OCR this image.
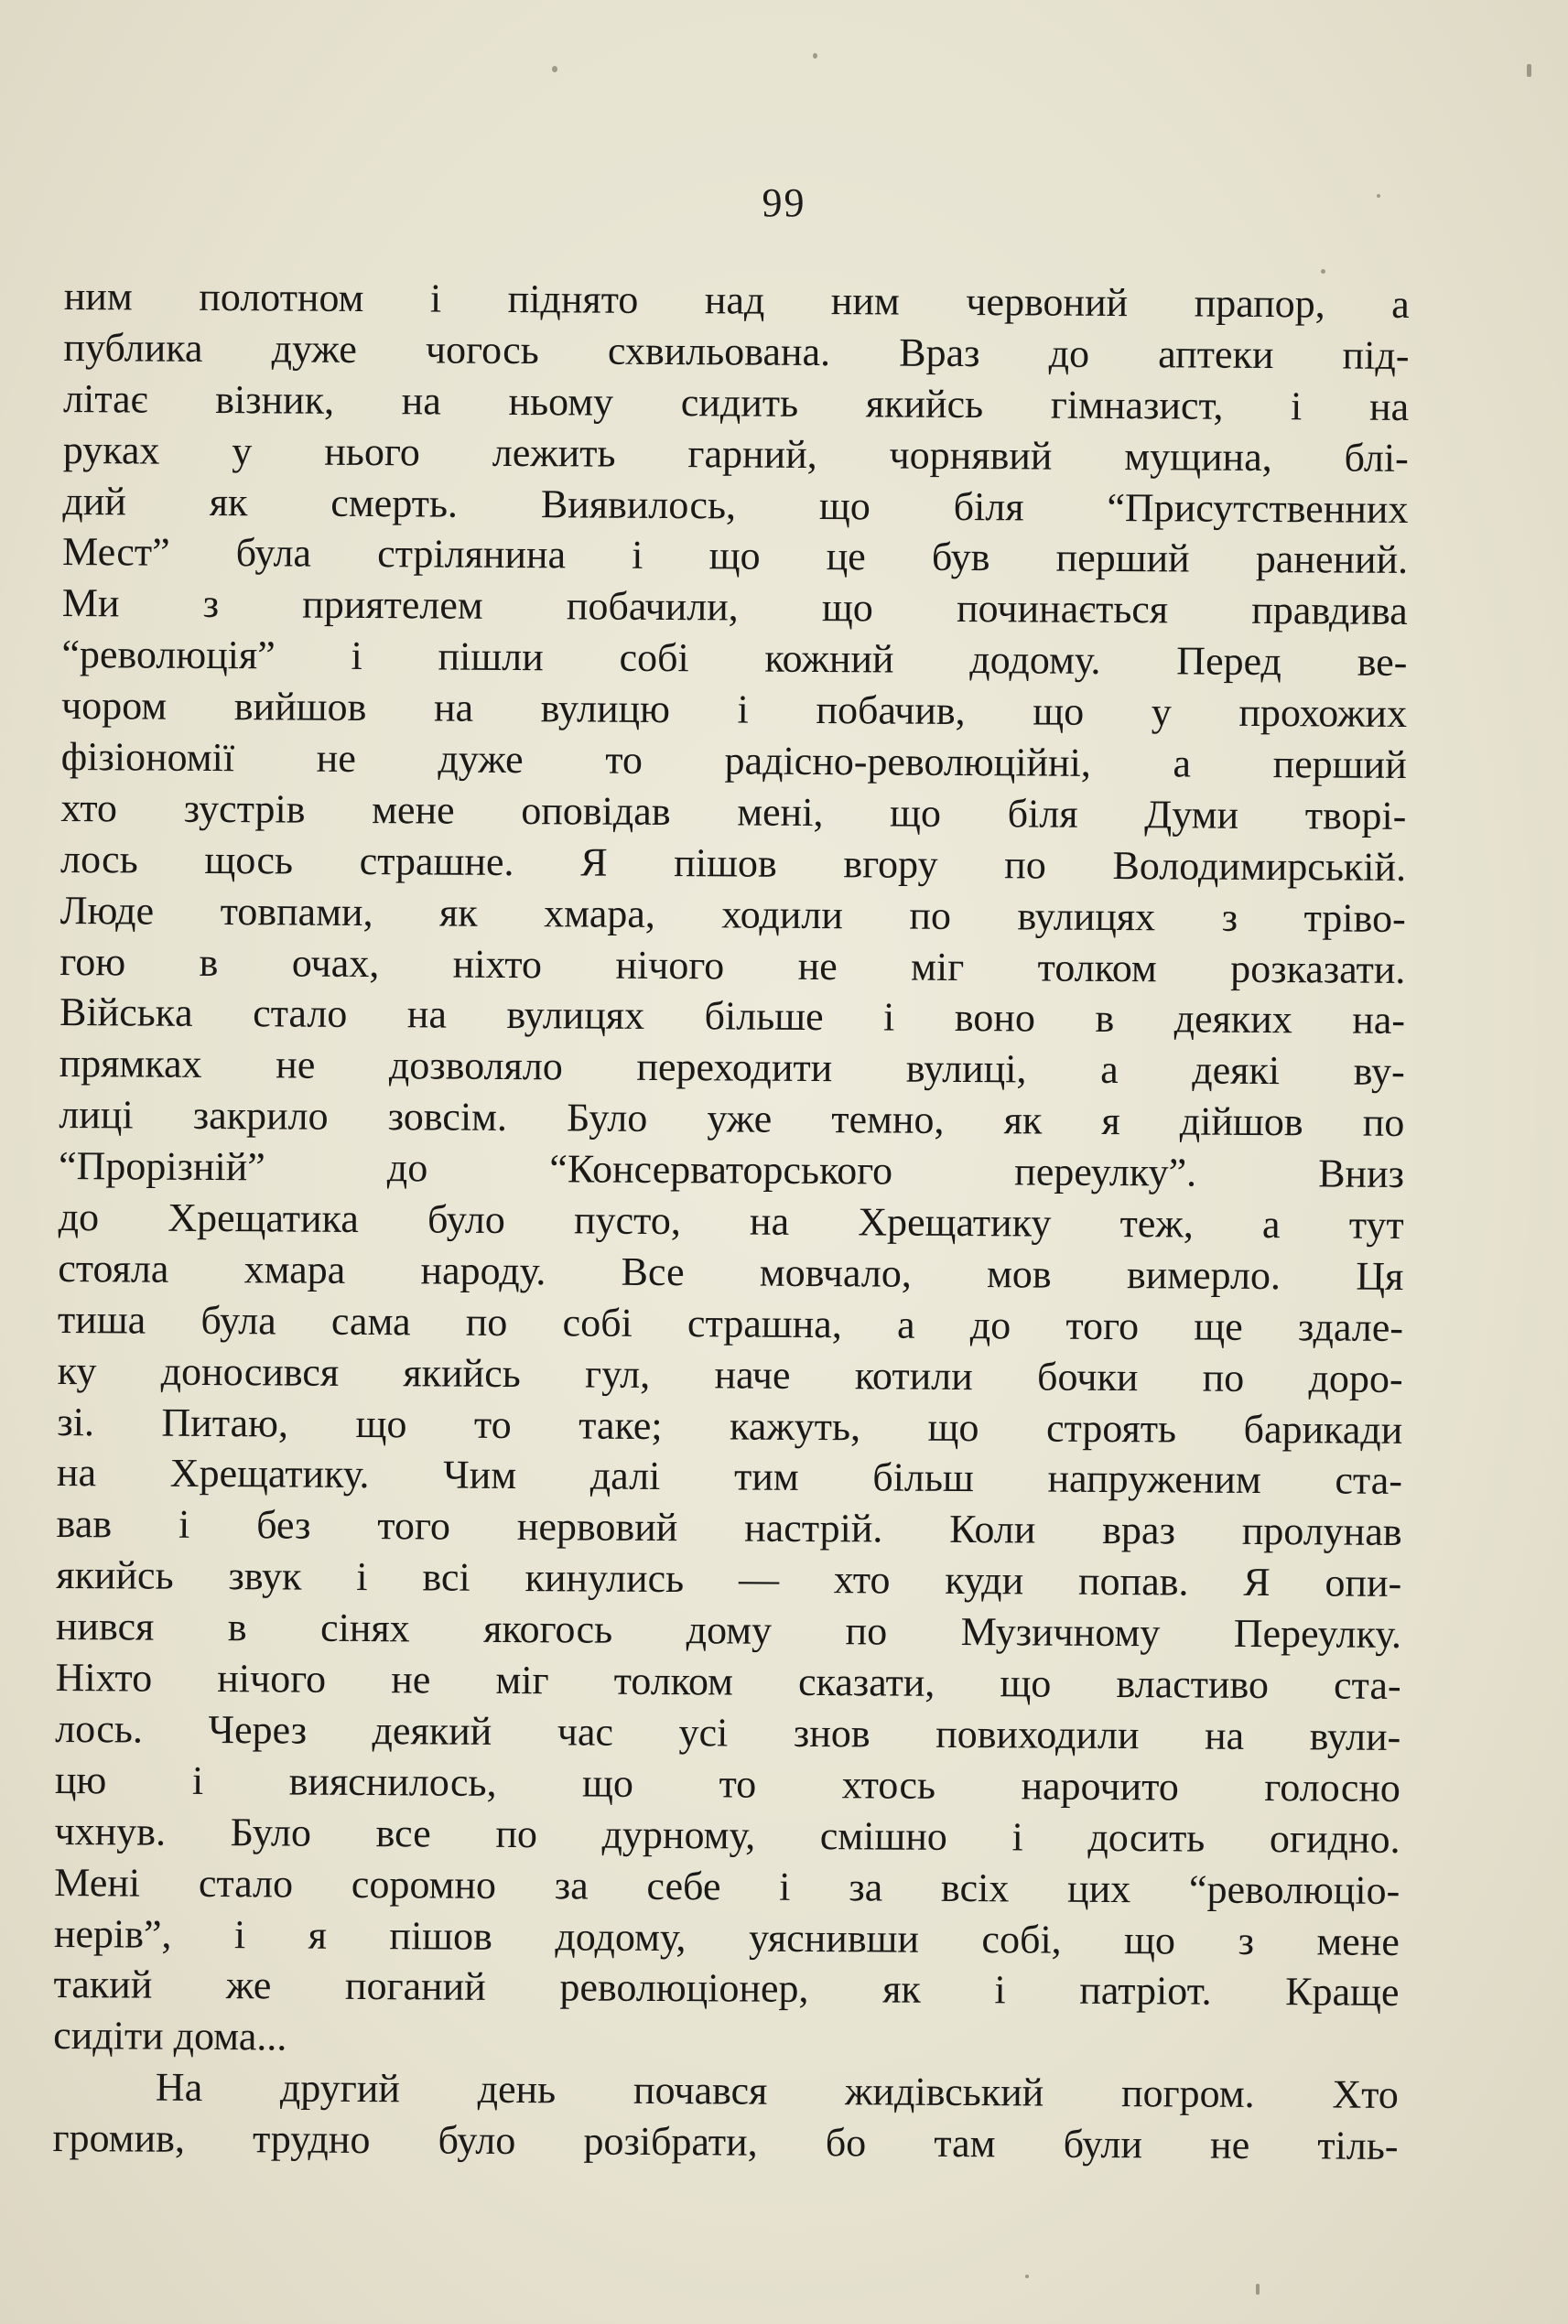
99
ним полотном і піднято над ним червоний прапор, а
публика дуже чогось схвильована. Враз до аптеки під-
літає візник, на ньому сидить якийсь гімназист, і на
руках у нього лежить гарний, чорнявий мущина, блі-
дий як смерть. Виявилось, що біля “Присутственних
Мест” була стрілянина і що це був перший ранений.
Ми з приятелем побачили, що починається правдива
“революція” і пішли собі кожний додому. Перед ве-
чором вийшов на вулицю і побачив, що у прохожих
фізіономії не дуже то радісно-революційні, а перший
хто зустрів мене оповідав мені, що біля Думи творі-
лось щось страшне. Я пішов вгору по Володимирській.
Люде товпами, як хмара, ходили по вулицях з тріво-
гою в очах, ніхто нічого не міг толком розказати.
Військa стало на вулицях більше і воно в деяких на-
прямках не дозволяло переходити вулиці, а деякі ву-
лиці закрило зовсім. Було уже темно, як я дійшов по
“Прорізній” до “Консерваторського переулку”. Вниз
до Хрещатика було пусто, на Хрещатику теж, а тут
стояла хмара народу. Все мовчало, мов вимерло. Ця
тиша була сама по собі страшна, а до того ще здале-
ку доносився якийсь гул, наче котили бочки по доро-
зі. Питаю, що то таке; кажуть, що строять барикади
на Хрещатику. Чим далі тим більш напруженим ста-
вав і без того нервовий настрій. Коли враз пролунав
якийсь звук і всі кинулись — хто куди попав. Я опи-
нився в сінях якогось дому по Музичному Переулку.
Ніхто нічого не міг толком сказати, що властиво ста-
лось. Через деякий час усі знов повиходили на вули-
цю і вияснилось, що то хтось нарочито голосно
чхнув. Було все по дурному, смішно і досить огидно.
Мені стало соромно за себе і за всіх цих “революціо-
нерів”, і я пішов додому, уяснивши собі, що з мене
такий же поганий революціонер, як і патріот. Краще
сидіти дома...
На другий день почався жидівський погром. Хто
громив, трудно було розібрати, бо там були не тіль-
